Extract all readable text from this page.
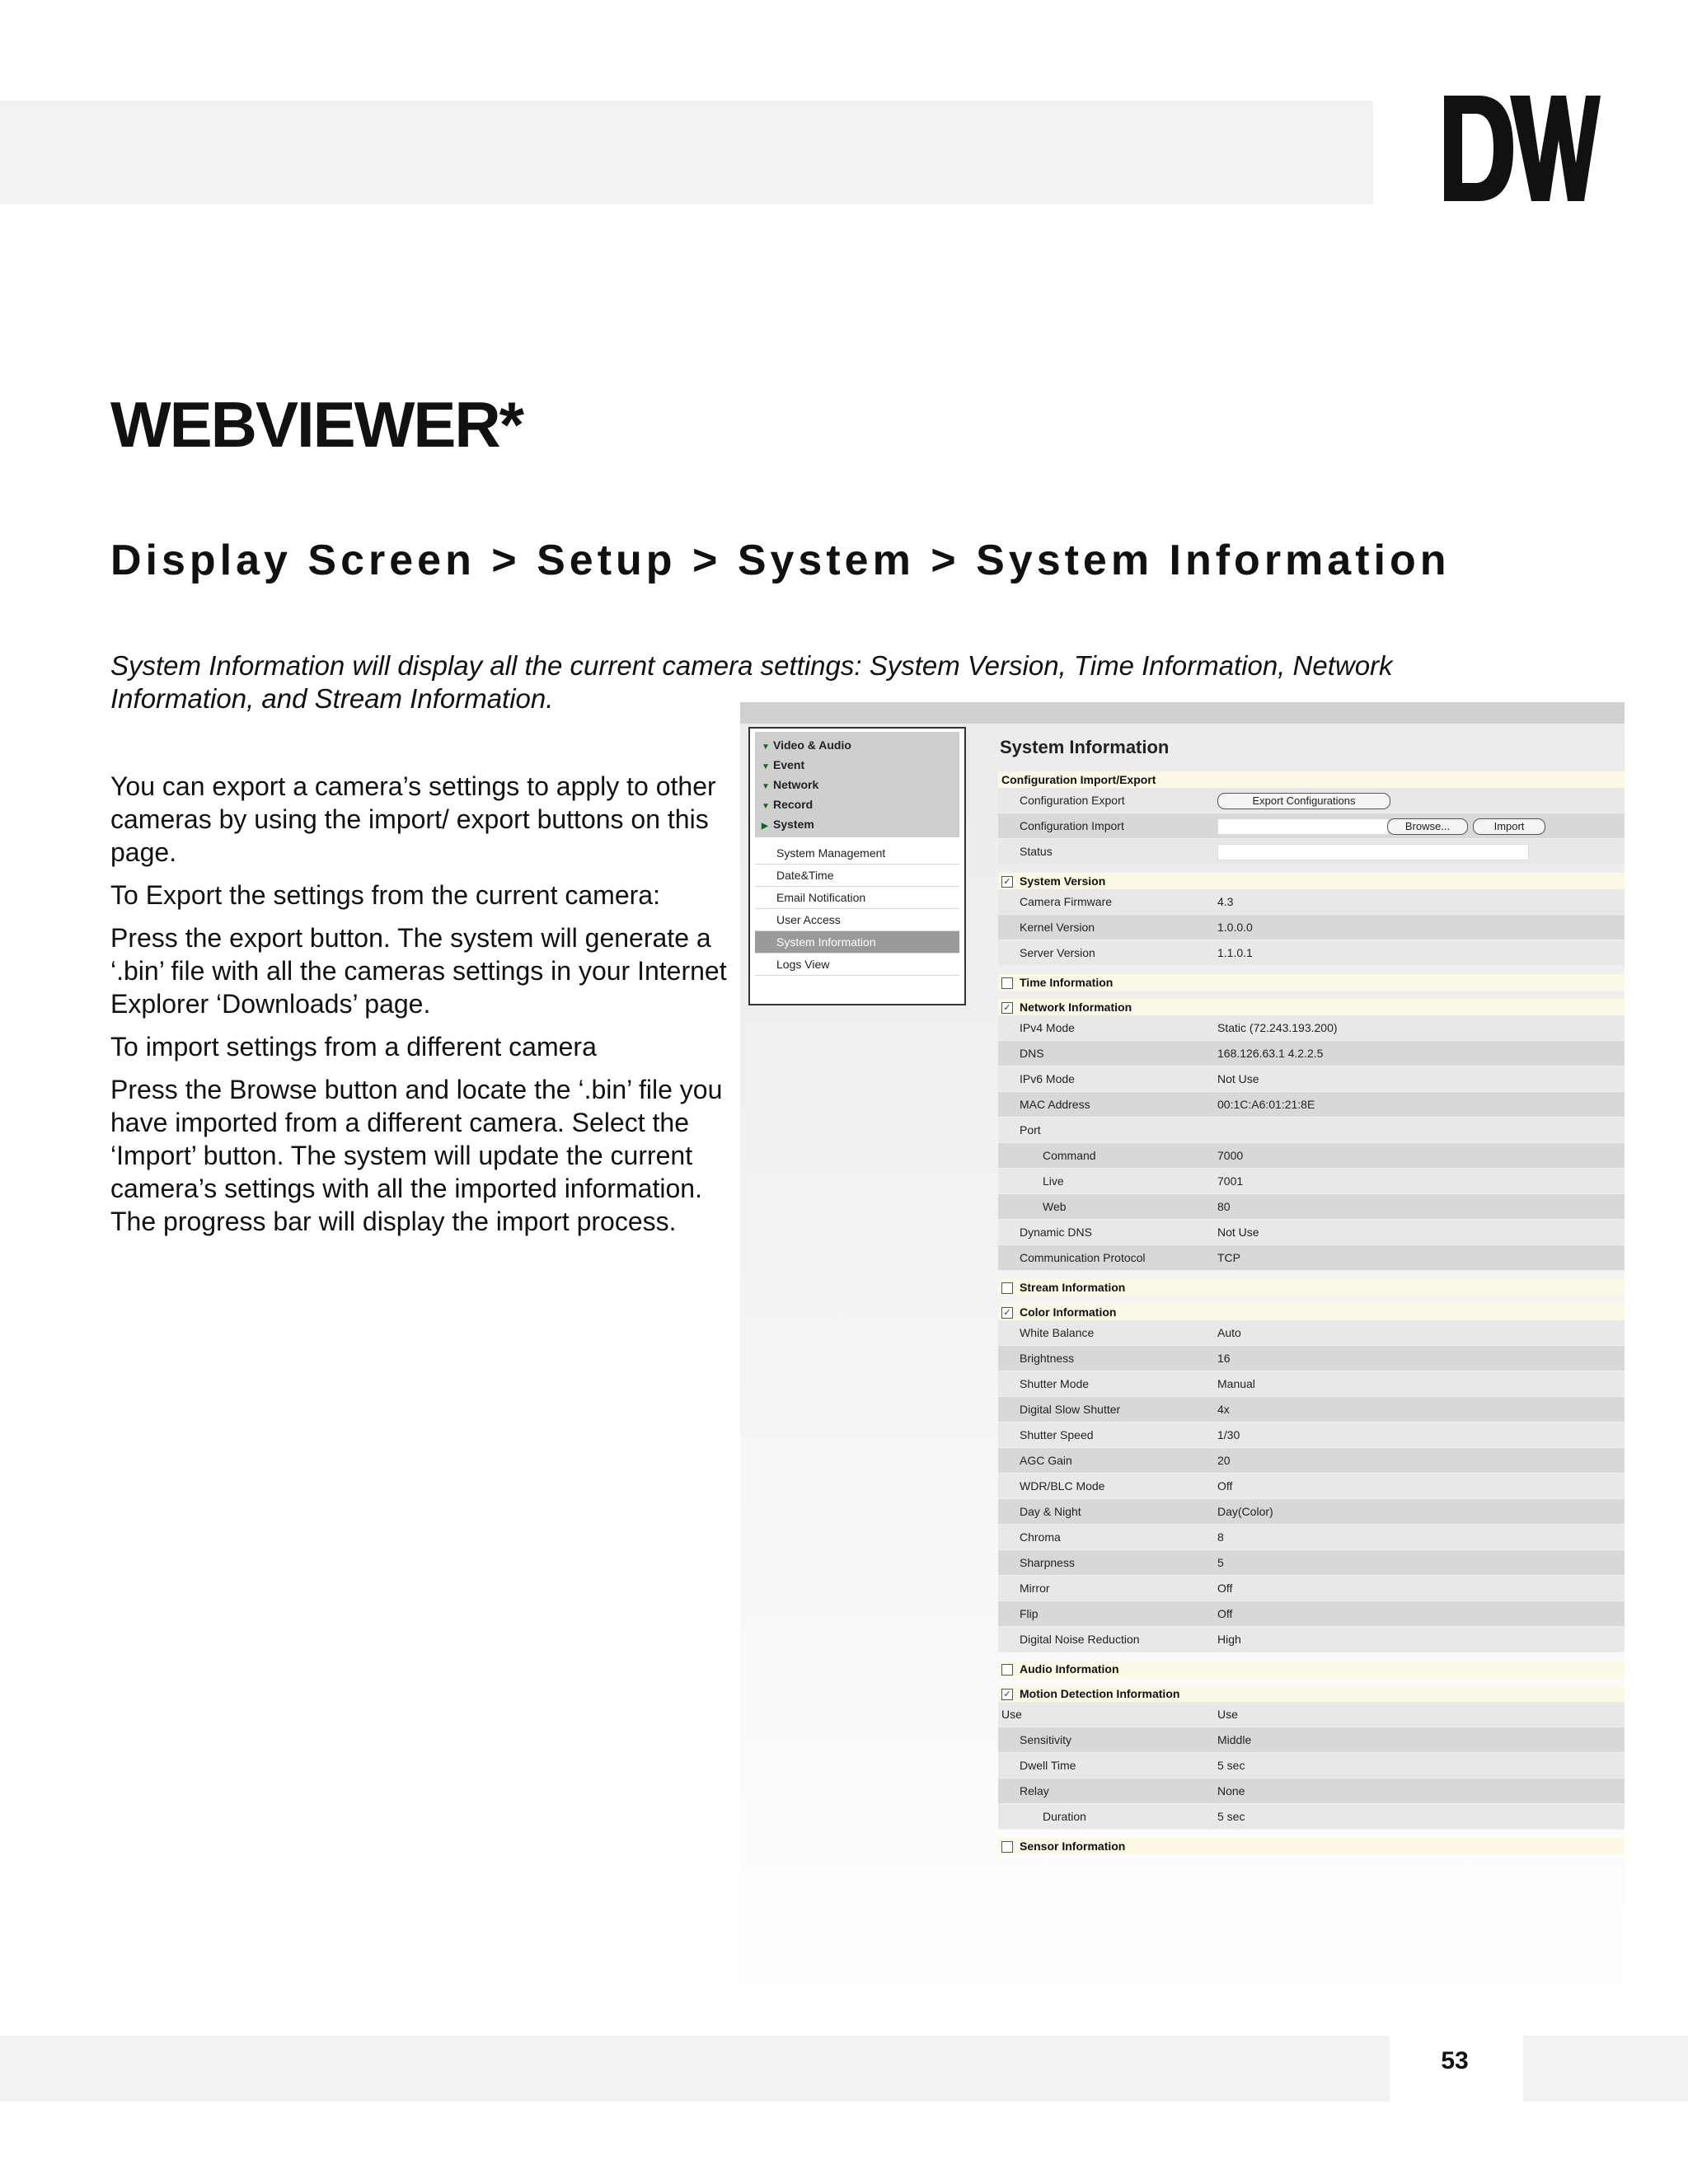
WEBVIEWER*
Display Screen > Setup > System > System Information
System Information will display all the current camera settings: System Version, Time Information, Network Information, and Stream Information.

You can export a camera’s settings to apply to other cameras by using the import/ export buttons on this page.

To Export the settings from the current camera:

Press the export button. The system will generate a ‘.bin’ file with all the cameras settings in your Internet Explorer ‘Downloads’ page.

To import settings from a different camera

Press the Browse button and locate the ‘.bin’ file you have imported from a different camera. Select the ‘Import’ button. The system will update the current camera’s settings with all the imported information.

The progress bar will display the import process.

▼ Video & Audio
▼ Event
▼ Network
▼ Record
▶ System
System Management
Date&Time
Email Notification
User Access
System Information
Logs View
System Information
Configuration Import/Export
Configuration Export	Export Configurations
Configuration Import	Browse...	Import
Status
✓ System Version
Camera Firmware	4.3
Kernel Version	1.0.0.0
Server Version	1.1.0.1
Time Information
✓ Network Information
IPv4 Mode	Static (72.243.193.200)
DNS	168.126.63.1 4.2.2.5
IPv6 Mode	Not Use
MAC Address	00:1C:A6:01:21:8E
Port
Command	7000
Live	7001
Web	80
Dynamic DNS	Not Use
Communication Protocol	TCP
Stream Information
✓ Color Information
White Balance	Auto
Brightness	16
Shutter Mode	Manual
Digital Slow Shutter	4x
Shutter Speed	1/30
AGC Gain	20
WDR/BLC Mode	Off
Day & Night	Day(Color)
Chroma	8
Sharpness	5
Mirror	Off
Flip	Off
Digital Noise Reduction	High
Audio Information
✓ Motion Detection Information
Use	Use
Sensitivity	Middle
Dwell Time	5 sec
Relay	None
Duration	5 sec
Sensor Information
53
